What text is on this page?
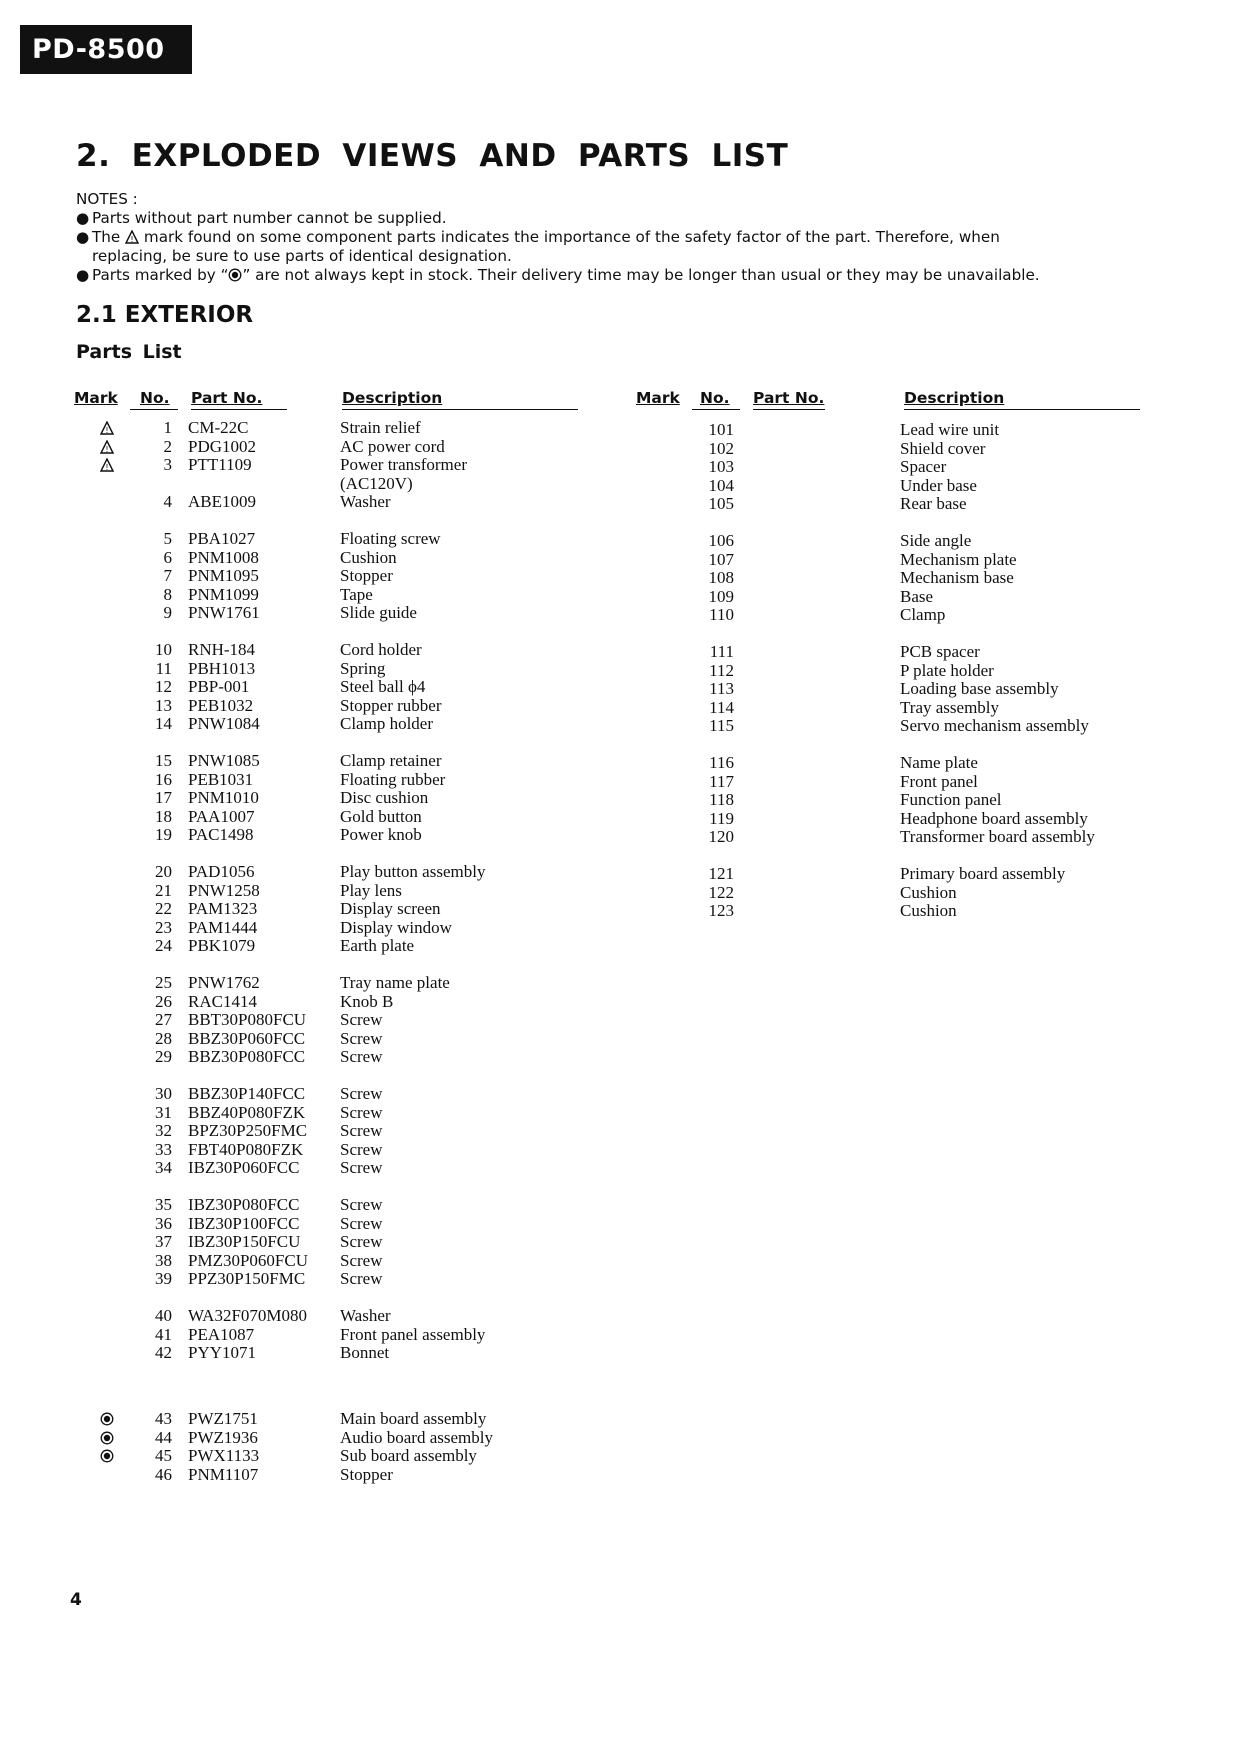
PD-8500
2. EXPLODED VIEWS AND PARTS LIST
NOTES :
● Parts without part number cannot be supplied.
● The ! mark found on some component parts indicates the importance of the safety factor of the part. Therefore, when
replacing, be sure to use parts of identical designation.
● Parts marked by “ ” are not always kept in stock. Their delivery time may be longer than usual or they may be unavailable.
2.1 EXTERIOR
Parts List
Mark No. Part No.	Description	Mark No. Part No.	Description
!	1 CM-22C	Strain relief
!	2 PDG1002	AC power cord
!	3 PTT1109	Power transformer
(AC120V)
4 ABE1009	Washer
5 PBA1027	Floating screw
6 PNM1008	Cushion
7 PNM1095	Stopper
8 PNM1099	Tape
9 PNW1761	Slide guide
10 RNH-184	Cord holder
11 PBH1013	Spring
12 PBP-001	Steel ball ϕ4
13 PEB1032	Stopper rubber
14 PNW1084	Clamp holder
15 PNW1085	Clamp retainer
16 PEB1031	Floating rubber
17 PNM1010	Disc cushion
18 PAA1007	Gold button
19 PAC1498	Power knob
20 PAD1056	Play button assembly
21 PNW1258	Play lens
22 PAM1323	Display screen
23 PAM1444	Display window
24 PBK1079	Earth plate
25 PNW1762	Tray name plate
26 RAC1414	Knob B
27 BBT30P080FCU Screw
28 BBZ30P060FCC Screw
29 BBZ30P080FCC Screw
30 BBZ30P140FCC Screw
31 BBZ40P080FZK Screw
32 BPZ30P250FMC Screw
33 FBT40P080FZK Screw
34 IBZ30P060FCC Screw
35 IBZ30P080FCC Screw
36 IBZ30P100FCC Screw
37 IBZ30P150FCU Screw
38 PMZ30P060FCU Screw
39 PPZ30P150FMC Screw
40 WA32F070M080 Washer
41 PEA1087	Front panel assembly
42 PYY1071	Bonnet
43 PWZ1751	Main board assembly
44 PWZ1936	Audio board assembly
45 PWX1133	Sub board assembly
46 PNM1107	Stopper
101	Lead wire unit
102	Shield cover
103	Spacer
104	Under base
105	Rear base
106	Side angle
107	Mechanism plate
108	Mechanism base
109	Base
110	Clamp
111	PCB spacer
112	P plate holder
113	Loading base assembly
114	Tray assembly
115	Servo mechanism assembly
116	Name plate
117	Front panel
118	Function panel
119	Headphone board assembly
120	Transformer board assembly
121	Primary board assembly
122	Cushion
123	Cushion
4
